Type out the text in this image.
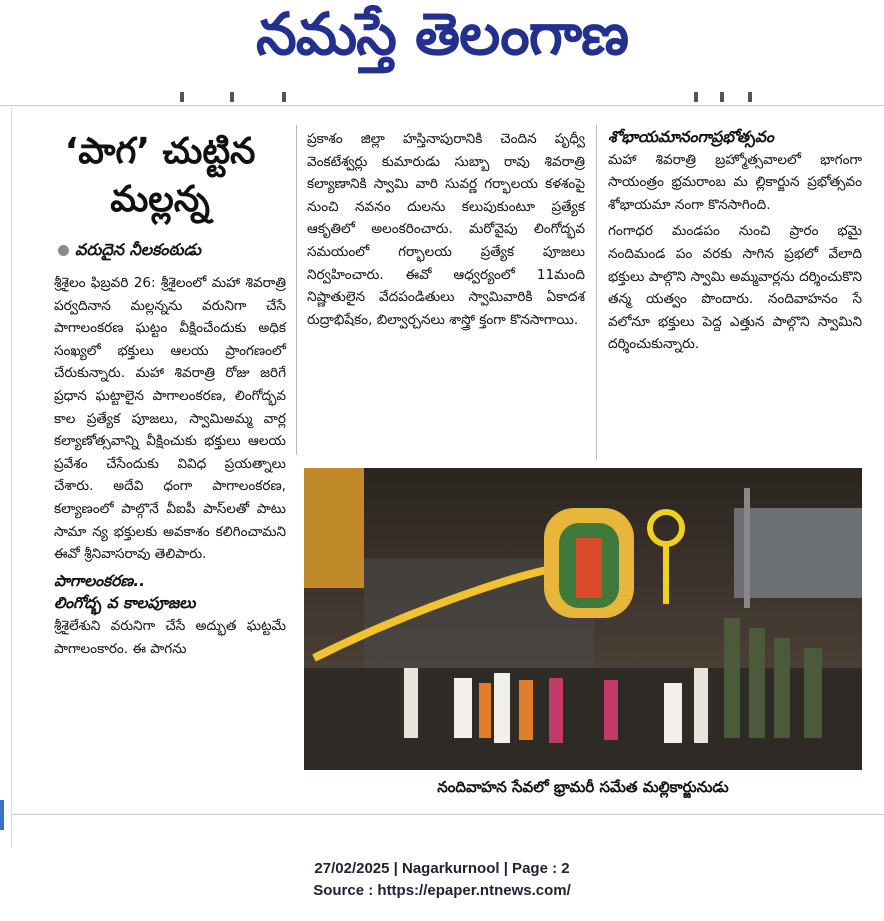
నమస్తే తెలంగాణ
‘పాగ’ చుట్టిన
మల్లన్న
వరుదైన నీలకంఠుడు

శ్రీశైలం ఫిబ్రవరి 26: శ్రీశైలంలో మహా శివరాత్రి పర్వదినాన మల్లన్నను వరునిగా చేసే పాగాలంకరణ ఘట్టం వీక్షించేందుకు అధిక సంఖ్యలో భక్తులు ఆలయ ప్రాంగణంలో చేరుకున్నారు. మహా శివరాత్రి రోజు జరిగే ప్రధాన ఘట్టాలైన పాగాలంకరణ, లింగోద్భవ కాల ప్రత్యేక పూజలు, స్వామిఅమ్మ వార్ల కల్యాణోత్సవాన్ని వీక్షించుకు భక్తులు ఆలయ ప్రవేశం చేసేందుకు వివిధ ప్రయత్నాలు చేశారు. అదేవి ధంగా పాగాలంకరణ, కల్యాణంలో పాల్గొనే వీఐపీ పాస్‌లతో పాటు సామా న్య భక్తులకు అవకాశం కలిగించామని ఈవో శ్రీనివాసరావు తెలిపారు.

పాగాలంకరణ..

లింగోద్భ వ కాలపూజలు

శ్రీశైలేశుని వరునిగా చేసే అద్భుత ఘట్టమే పాగాలంకారం. ఈ పాగను

ప్రకాశం జిల్లా హస్తినాపురానికి చెందిన పృధ్వీ వెంకటేశ్వర్లు కుమారుడు సుబ్బా రావు శివరాత్రి కల్యాణానికి స్వామి వారి సువర్ణ గర్భాలయ కళశంపై నుంచి నవనం దులను కలుపుకుంటూ ప్రత్యేక ఆకృతిలో అలంకరించారు. మరోవైపు లింగోద్భవ సమయంలో గర్భాలయ ప్రత్యేక పూజలు నిర్వహించారు. ఈవో ఆధ్వర్యంలో 11మంది నిష్ణాతులైన వేదపండితులు స్వామివారికి ఏకాదశ రుద్రాభిషేకం, బిల్వార్చనలు శాస్త్రో క్తంగా కొనసాగాయి.

శోభాయమానంగాప్రభోత్సవం

మహా శివరాత్రి బ్రహ్మోత్సవాలలో భాగంగా సాయంత్రం భ్రమరాంబ మ ల్లికార్జున ప్రభోత్సవం శోభాయమా నంగా కొనసాగింది.

గంగాధర మండపం నుంచి ప్రారం భమై నందిమండ పం వరకు సాగిన ప్రభలో వేలాది భక్తులు పాల్గొని స్వామి అమ్మవార్లను దర్శించుకొని తన్మ యత్వం పొందారు. నందివాహనం సే వలోనూ భక్తులు పెద్ద ఎత్తున పాల్గొని స్వామిని దర్శించుకున్నారు.

నందివాహన సేవలో భ్రామరీ సమేత మల్లికార్జునుడు
27/02/2025 | Nagarkurnool | Page : 2
Source : https://epaper.ntnews.com/
